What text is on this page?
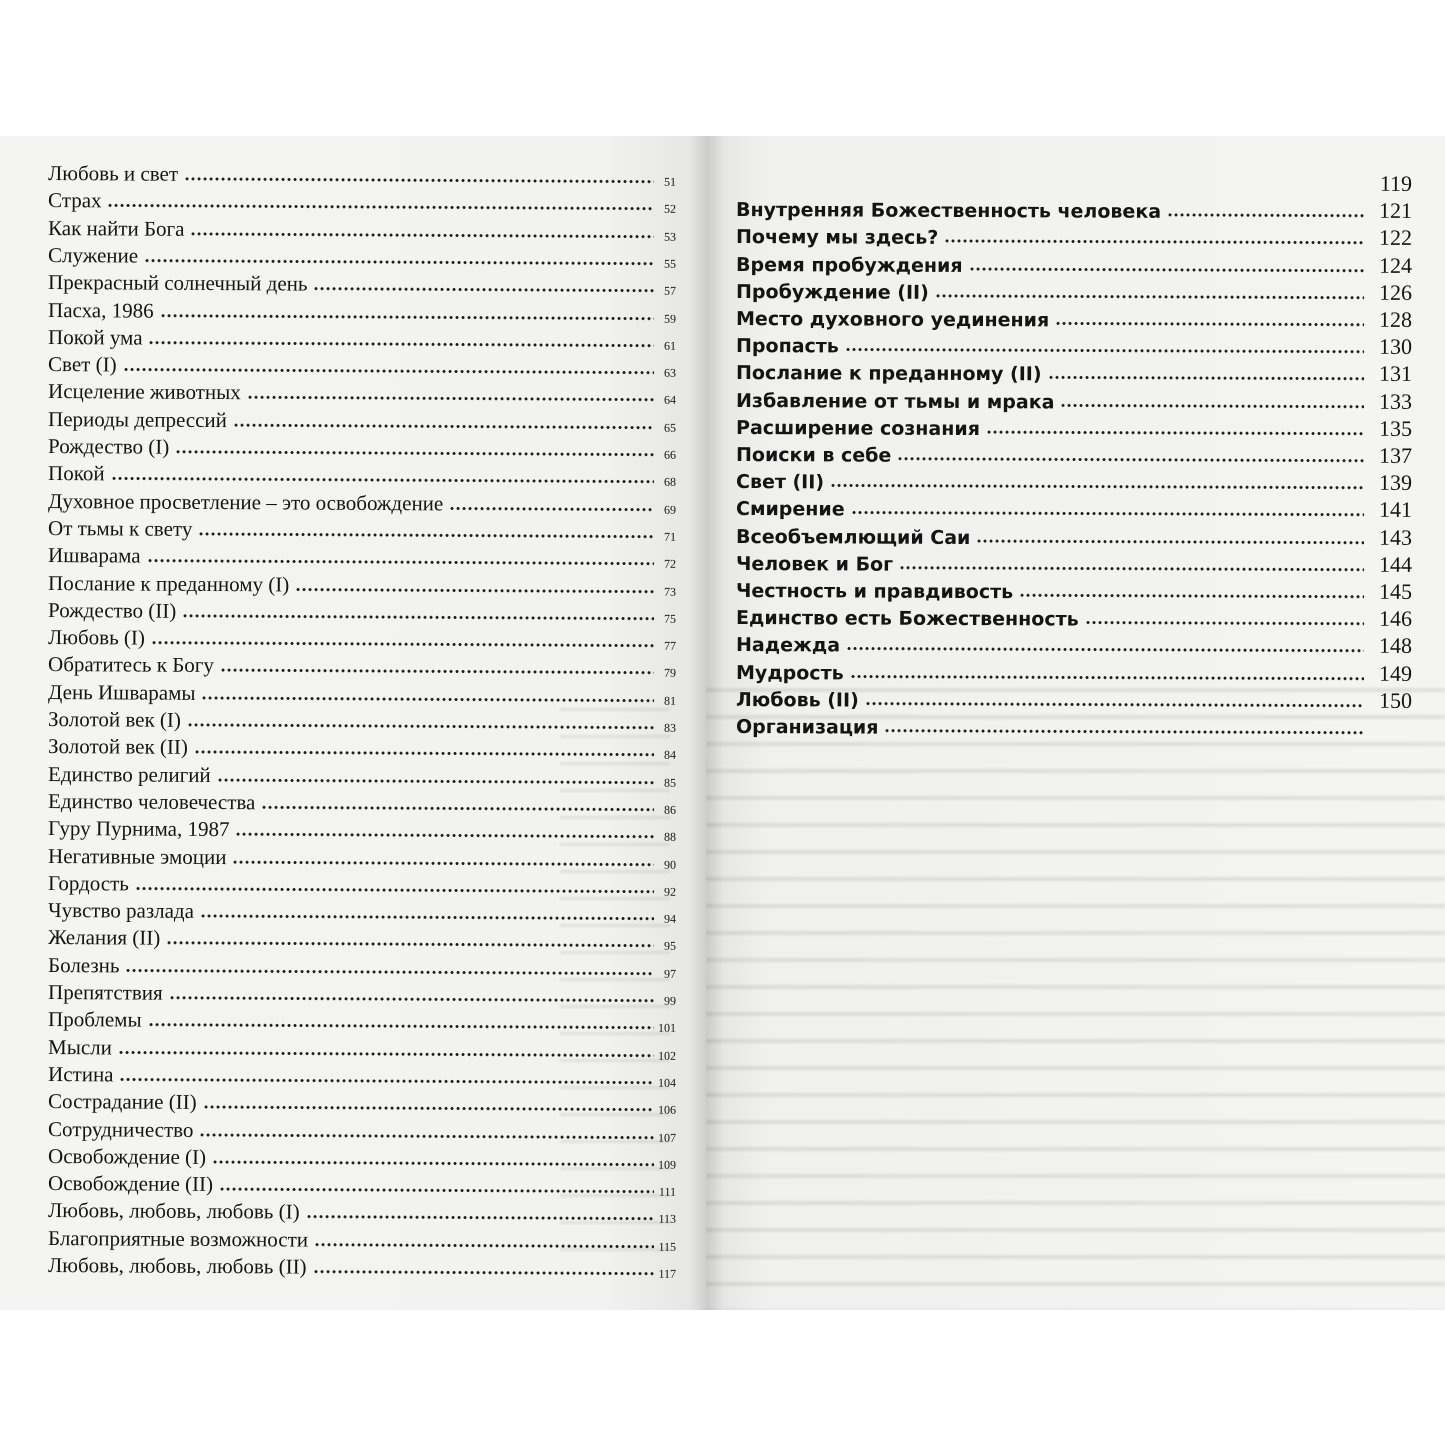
Любовь и свет	51
Страх	52
Как найти Бога	53
Служение	55
Прекрасный солнечный день	57
Пасха, 1986	59
Покой ума	61
Свет (I)	63
Исцеление животных	64
Периоды депрессий	65
Рождество (I)	66
Покой	68
Духовное просветление – это освобождение	69
От тьмы к свету	71
Ишварама	72
Послание к преданному (I)	73
Рождество (II)	75
Любовь (I)	77
Обратитесь к Богу	79
День Ишварамы	81
Золотой век (I)	83
Золотой век (II)	84
Единство религий	85
Единство человечества	86
Гуру Пурнима, 1987	88
Негативные эмоции	90
Гордость	92
Чувство разлада	94
Желания (II)	95
Болезнь	97
Препятствия	99
Проблемы	101
Мысли	102
Истина	104
Сострадание (II)	106
Сотрудничество	107
Освобождение (I)	109
Освобождение (II)	111
Любовь, любовь, любовь (I)	113
Благоприятные возможности	115
Любовь, любовь, любовь (II)	117
119
Внутренняя Божественность человека	121
Почему мы здесь?	122
Время пробуждения	124
Пробуждение (II)	126
Место духовного уединения	128
Пропасть	130
Послание к преданному (II)	131
Избавление от тьмы и мрака	133
Расширение сознания	135
Поиски в себе	137
Свет (II)	139
Смирение	141
Всеобъемлющий Саи	143
Человек и Бог	144
Честность и правдивость	145
Единство есть Божественность	146
Надежда	148
Мудрость	149
Любовь (II)	150
Организация
